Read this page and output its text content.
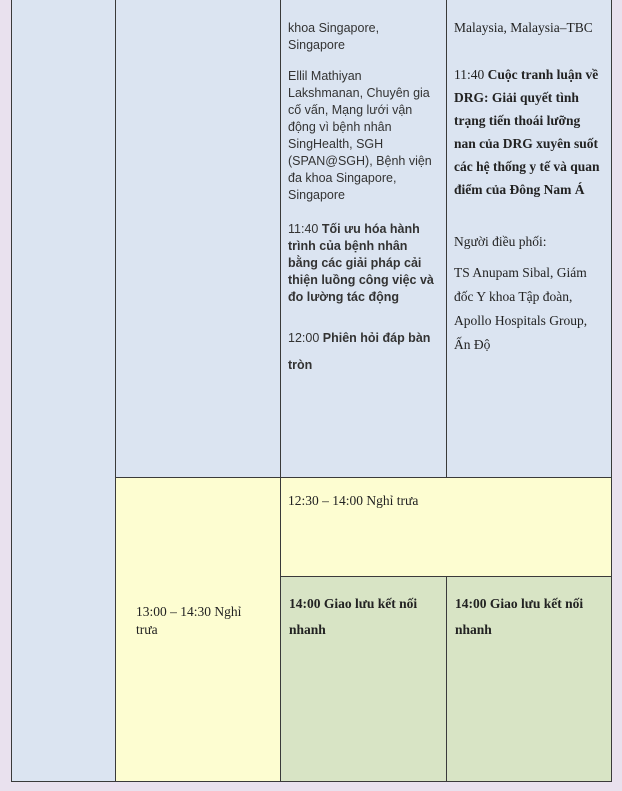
13:00 – 14:30 Nghỉ trưa

khoa Singapore, Singapore

Ellil Mathiyan Lakshmanan, Chuyên gia cố vấn, Mạng lưới vận động vì bệnh nhân SingHealth, SGH (SPAN@SGH), Bệnh viện đa khoa Singapore, Singapore

11:40 Tối ưu hóa hành trình của bệnh nhân bằng các giải pháp cải thiện luồng công việc và đo lường tác động

12:00 Phiên hỏi đáp bàn tròn

Malaysia, Malaysia–TBC

11:40 Cuộc tranh luận về DRG: Giải quyết tình trạng tiến thoái lưỡng nan của DRG xuyên suốt các hệ thống y tế và quan điểm của Đông Nam Á

Người điều phối:

TS Anupam Sibal, Giám đốc Y khoa Tập đoàn, Apollo Hospitals Group, Ấn Độ

12:30 – 14:00 Nghỉ trưa

14:00 Giao lưu kết nối nhanh

14:00 Giao lưu kết nối nhanh
